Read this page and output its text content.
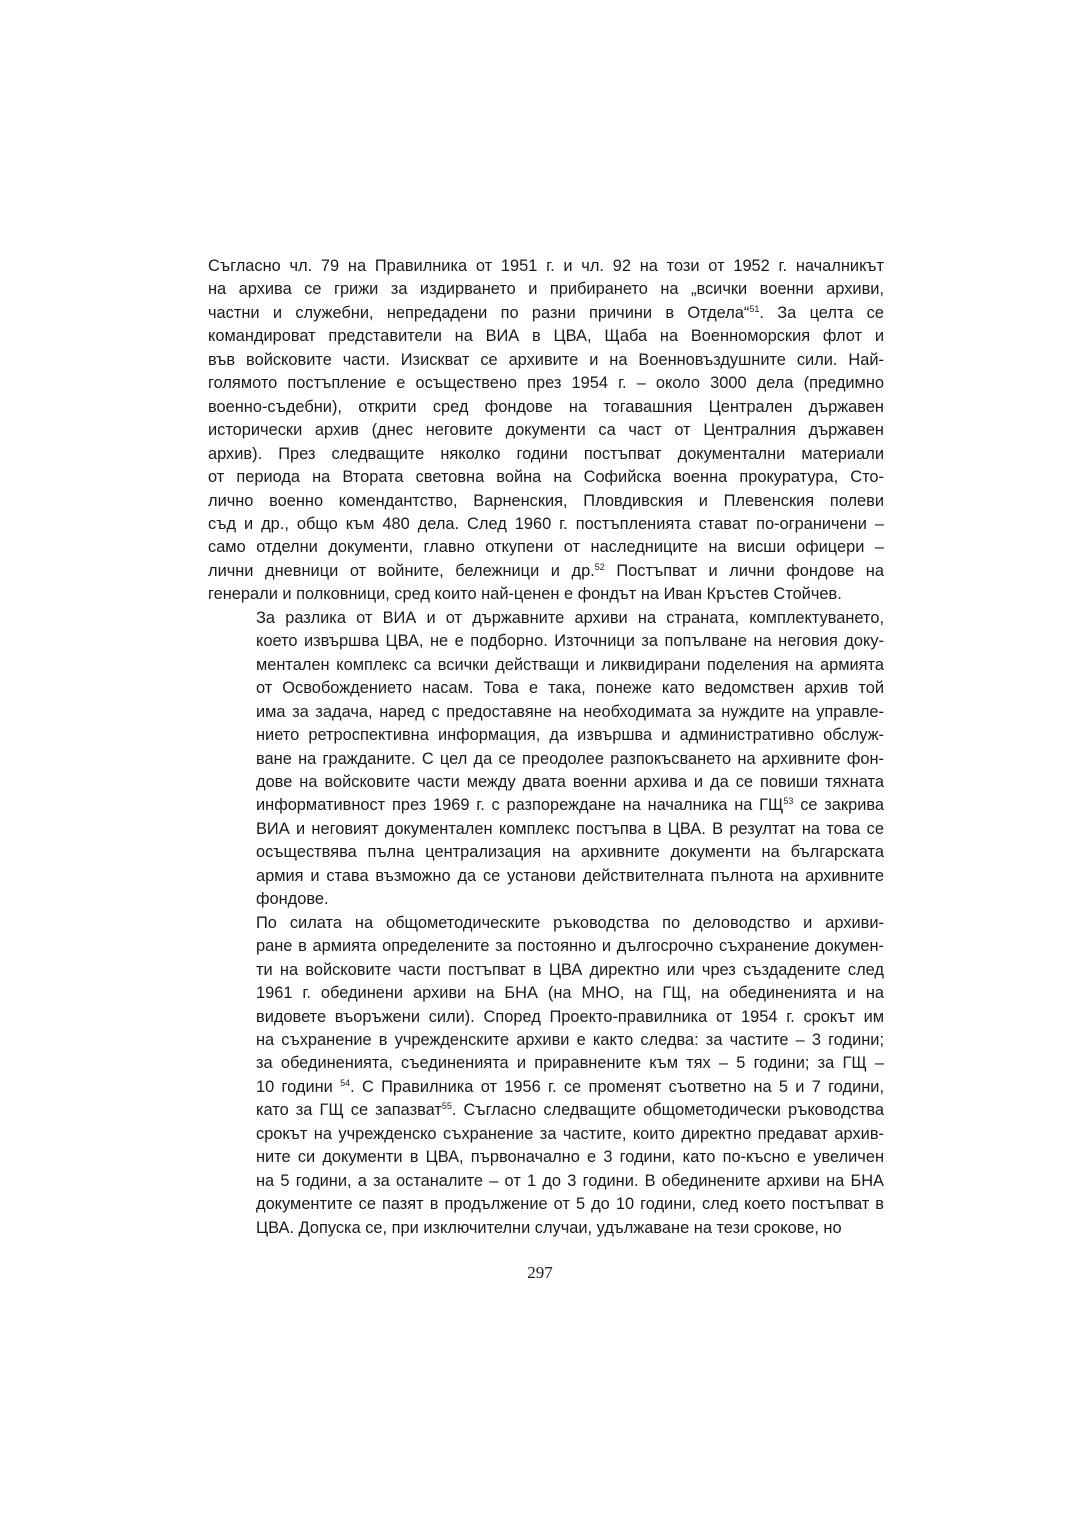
Съгласно чл. 79 на Правилника от 1951 г. и чл. 92 на този от 1952 г. началникът
на архива се грижи за издирването и прибирането на „всички военни архиви,
частни и служебни, непредадени по разни причини в Отдела“$^{51}$. За целта се
командироват представители на ВИА в ЦВА, Щаба на Военноморския флот и
във войсковите части. Изискват се архивите и на Военновъздушните сили. Най-
голямото постъпление е осъществено през 1954 г. – около 3000 дела (предимно
военно-съдебни), открити сред фондове на тогавашния Централен държавен
исторически архив (днес неговите документи са част от Централния държавен
архив). През следващите няколко години постъпват документални материали
от периода на Втората световна война на Софийска военна прокуратура, Сто-
лично военно комендантство, Варненския, Пловдивския и Плевенския полеви
съд и др., общо към 480 дела. След 1960 г. постъпленията стават по-ограничени –
само отделни документи, главно откупени от наследниците на висши офицери –
лични дневници от войните, бележници и др.$^{52}$ Постъпват и лични фондове на
генерали и полковници, сред които най-ценен е фондът на Иван Кръстев Стойчев.

За разлика от ВИА и от държавните архиви на страната, комплектуването,
което извършва ЦВА, не е подборно. Източници за попълване на неговия доку-
ментален комплекс са всички действащи и ликвидирани поделения на армията
от Освобождението насам. Това е така, понеже като ведомствен архив той
има за задача, наред с предоставяне на необходимата за нуждите на управле-
нието ретроспективна информация, да извършва и административно обслуж-
ване на гражданите. С цел да се преодолее разпокъсването на архивните фон-
дове на войсковите части между двата военни архива и да се повиши тяхната
информативност през 1969 г. с разпореждане на началника на ГЩ$^{53}$ се закрива
ВИА и неговият документален комплекс постъпва в ЦВА. В резултат на това се
осъществява пълна централизация на архивните документи на българската
армия и става възможно да се установи действителната пълнота на архивните
фондове.

По силата на общометодическите ръководства по деловодство и архиви-
ране в армията определените за постоянно и дългосрочно съхранение докумен-
ти на войсковите части постъпват в ЦВА директно или чрез създадените след
1961 г. обединени архиви на БНА (на МНО, на ГЩ, на обединенията и на
видовете въоръжени сили). Според Проекто-правилника от 1954 г. срокът им
на съхранение в учрежденските архиви е както следва: за частите – 3 години;
за обединенията, съединенията и приравнените към тях – 5 години; за ГЩ –
10 години $^{54}$. С Правилника от 1956 г. се променят съответно на 5 и 7 години,
като за ГЩ се запазват$^{55}$. Съгласно следващите общометодически ръководства
срокът на учрежденско съхранение за частите, които директно предават архив-
ните си документи в ЦВА, първоначално е 3 години, като по-късно е увеличен
на 5 години, а за останалите – от 1 до 3 години. В обединените архиви на БНА
документите се пазят в продължение от 5 до 10 години, след което постъпват в
ЦВА. Допуска се, при изключителни случаи, удължаване на тези срокове, но

297
